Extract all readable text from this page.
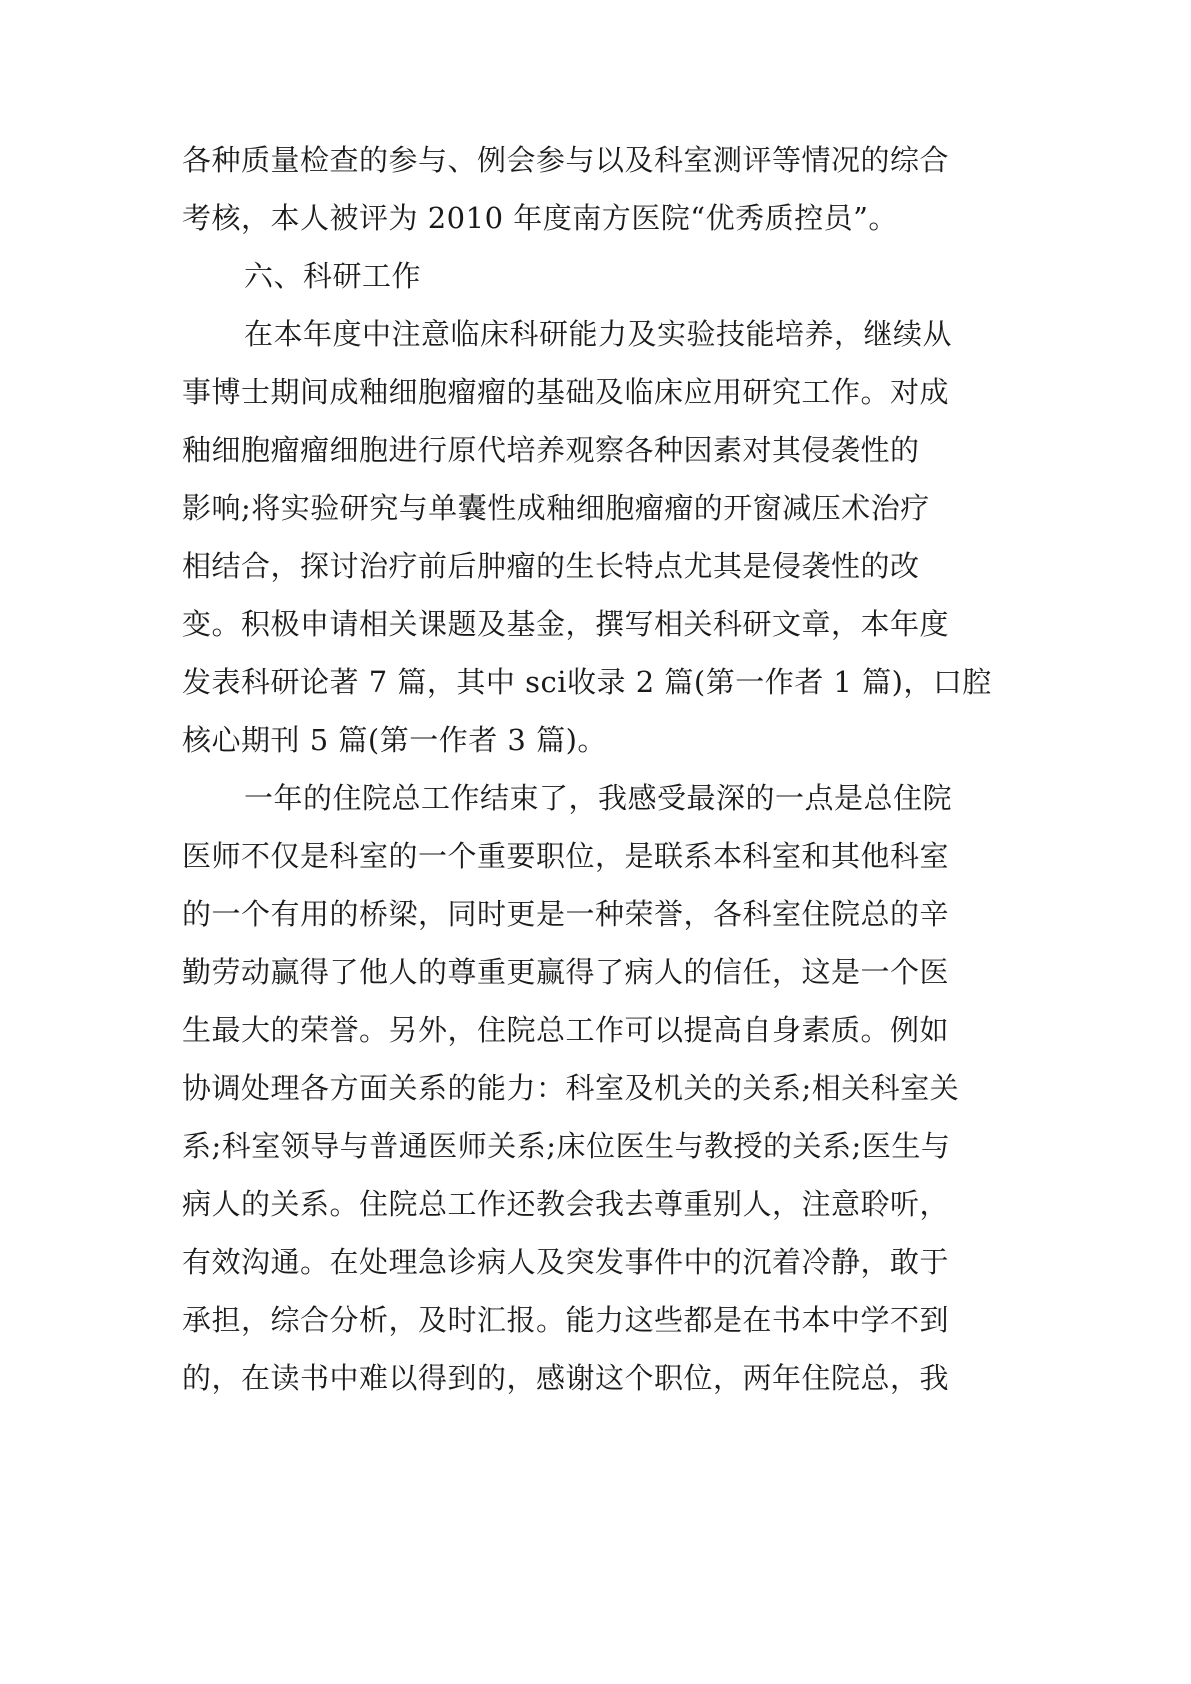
各种质量检查的参与、例会参与以及科室测评等情况的综合
考核，本人被评为 2010 年度南方医院“优秀质控员”。
六、科研工作
在本年度中注意临床科研能力及实验技能培养，继续从
事博士期间成釉细胞瘤瘤的基础及临床应用研究工作。对成
釉细胞瘤瘤细胞进行原代培养观察各种因素对其侵袭性的
影响;将实验研究与单囊性成釉细胞瘤瘤的开窗减压术治疗
相结合，探讨治疗前后肿瘤的生长特点尤其是侵袭性的改
变。积极申请相关课题及基金，撰写相关科研文章，本年度
发表科研论著 7 篇，其中 sci收录 2 篇(第一作者 1 篇)，口腔
核心期刊 5 篇(第一作者 3 篇)。
一年的住院总工作结束了，我感受最深的一点是总住院
医师不仅是科室的一个重要职位，是联系本科室和其他科室
的一个有用的桥梁，同时更是一种荣誉，各科室住院总的辛
勤劳动赢得了他人的尊重更赢得了病人的信任，这是一个医
生最大的荣誉。另外，住院总工作可以提高自身素质。例如
协调处理各方面关系的能力：科室及机关的关系;相关科室关
系;科室领导与普通医师关系;床位医生与教授的关系;医生与
病人的关系。住院总工作还教会我去尊重别人，注意聆听，
有效沟通。在处理急诊病人及突发事件中的沉着冷静，敢于
承担，综合分析，及时汇报。能力这些都是在书本中学不到
的，在读书中难以得到的，感谢这个职位，两年住院总，我
